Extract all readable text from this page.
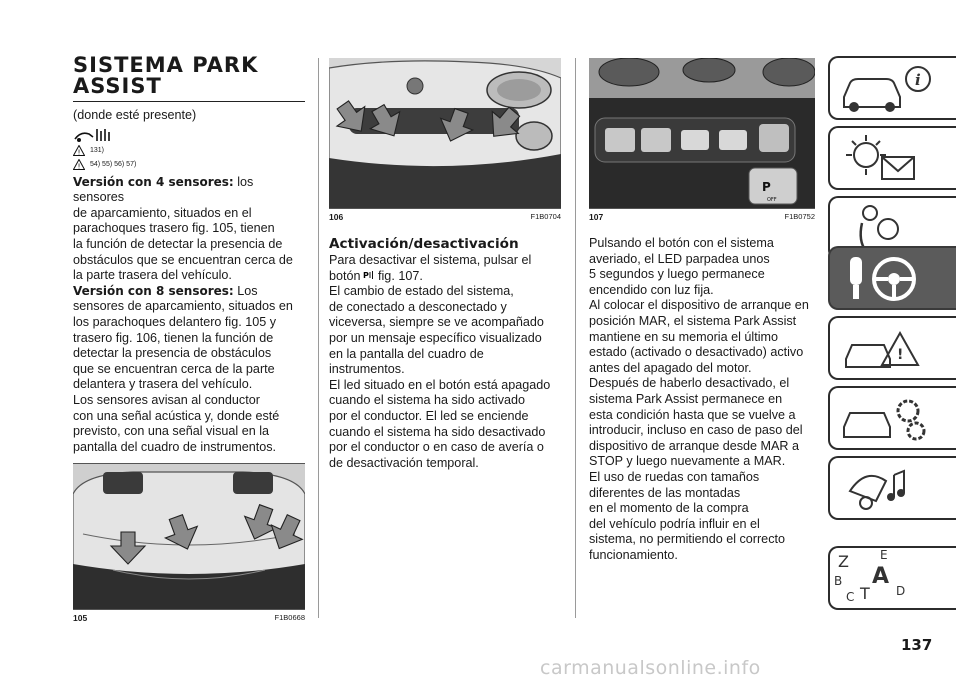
SISTEMA PARK
ASSIST

(donde esté presente)

! 131)
! 54) 55) 56) 57)

Versión con 4 sensores: los sensores
de aparcamiento, situados en el
parachoques trasero fig. 105, tienen
la función de detectar la presencia de
obstáculos que se encuentran cerca de
la parte trasera del vehículo.

Versión con 8 sensores: Los
sensores de aparcamiento, situados en
los parachoques delantero fig. 105 y
trasero fig. 106, tienen la función de
detectar la presencia de obstáculos
que se encuentran cerca de la parte
delantera y trasera del vehículo.

Los sensores avisan al conductor
con una señal acústica y, donde esté
previsto, con una señal visual en la
pantalla del cuadro de instrumentos.

105	F1B0668
106	F1B0704
Activación/desactivación

Para desactivar el sistema, pulsar el
botón P fig. 107.

El cambio de estado del sistema,
de conectado a desconectado y
viceversa, siempre se ve acompañado
por un mensaje específico visualizado
en la pantalla del cuadro de
instrumentos.

El led situado en el botón está apagado
cuando el sistema ha sido activado
por el conductor. El led se enciende
cuando el sistema ha sido desactivado
por el conductor o en caso de avería o
de desactivación temporal.

P
OFF
107	F1B0752

Pulsando el botón con el sistema
averiado, el LED parpadea unos
5 segundos y luego permanece
encendido con luz fija.

Al colocar el dispositivo de arranque en
posición MAR, el sistema Park Assist
mantiene en su memoria el último
estado (activado o desactivado) activo
antes del apagado del motor.

Después de haberlo desactivado, el
sistema Park Assist permanece en
esta condición hasta que se vuelve a
introducir, incluso en caso de paso del
dispositivo de arranque desde MAR a
STOP y luego nuevamente a MAR.

El uso de ruedas con tamaños
diferentes de las montadas
en el momento de la compra
del vehículo podría influir en el
sistema, no permitiendo el correcto
funcionamiento.

i
!
Z	E
B A
C T D
137
carmanualsonline.info
